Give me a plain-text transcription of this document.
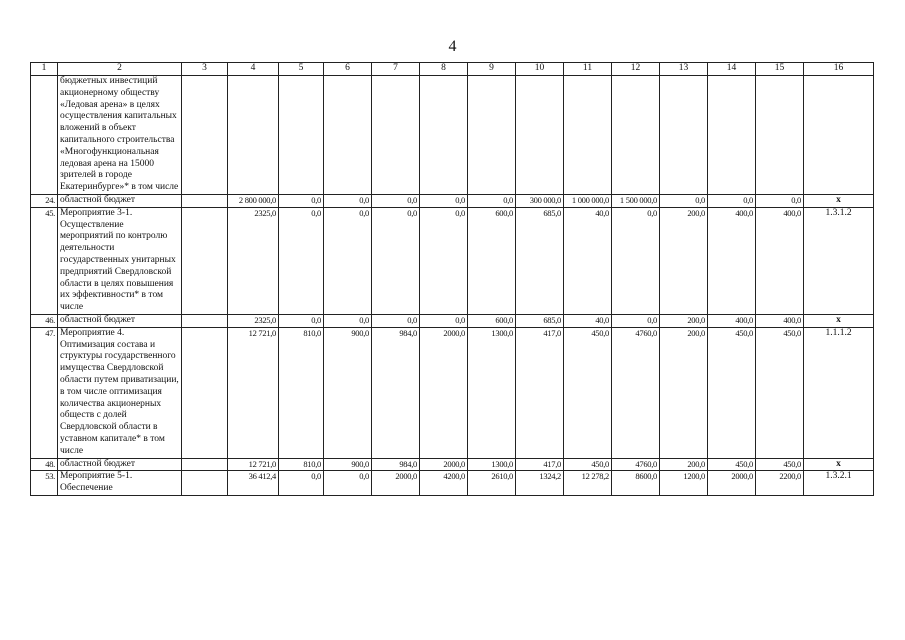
4
1	2	3	4	5	6	7	8	9	10	11	12	13	14	15	16
	бюджетных инвестиций акционерному обществу «Ледовая арена» в целях осуществления капитальных вложений в объект капитального строительства «Многофункциональная ледовая арена на 15000 зрителей в городе Екатеринбурге»* в том числе														
24.	областной бюджет		2 800 000,0	0,0	0,0	0,0	0,0	0,0	300 000,0	1 000 000,0	1 500 000,0	0,0	0,0	0,0	х
45.	Мероприятие 3-1. Осуществление мероприятий по контролю деятельности государственных унитарных предприятий Свердловской области в целях повышения их эффективности* в том числе		2325,0	0,0	0,0	0,0	0,0	600,0	685,0	40,0	0,0	200,0	400,0	400,0	1.3.1.2
46.	областной бюджет		2325,0	0,0	0,0	0,0	0,0	600,0	685,0	40,0	0,0	200,0	400,0	400,0	х
47.	Мероприятие 4. Оптимизация состава и структуры государственного имущества Свердловской области путем приватизации, в том числе оптимизация количества акционерных обществ с долей Свердловской области в уставном капитале* в том числе		12 721,0	810,0	900,0	984,0	2000,0	1300,0	417,0	450,0	4760,0	200,0	450,0	450,0	1.1.1.2
48.	областной бюджет		12 721,0	810,0	900,0	984,0	2000,0	1300,0	417,0	450,0	4760,0	200,0	450,0	450,0	х
53.	Мероприятие 5-1. Обеспечение		36 412,4	0,0	0,0	2000,0	4200,0	2610,0	1324,2	12 278,2	8600,0	1200,0	2000,0	2200,0	1.3.2.1
